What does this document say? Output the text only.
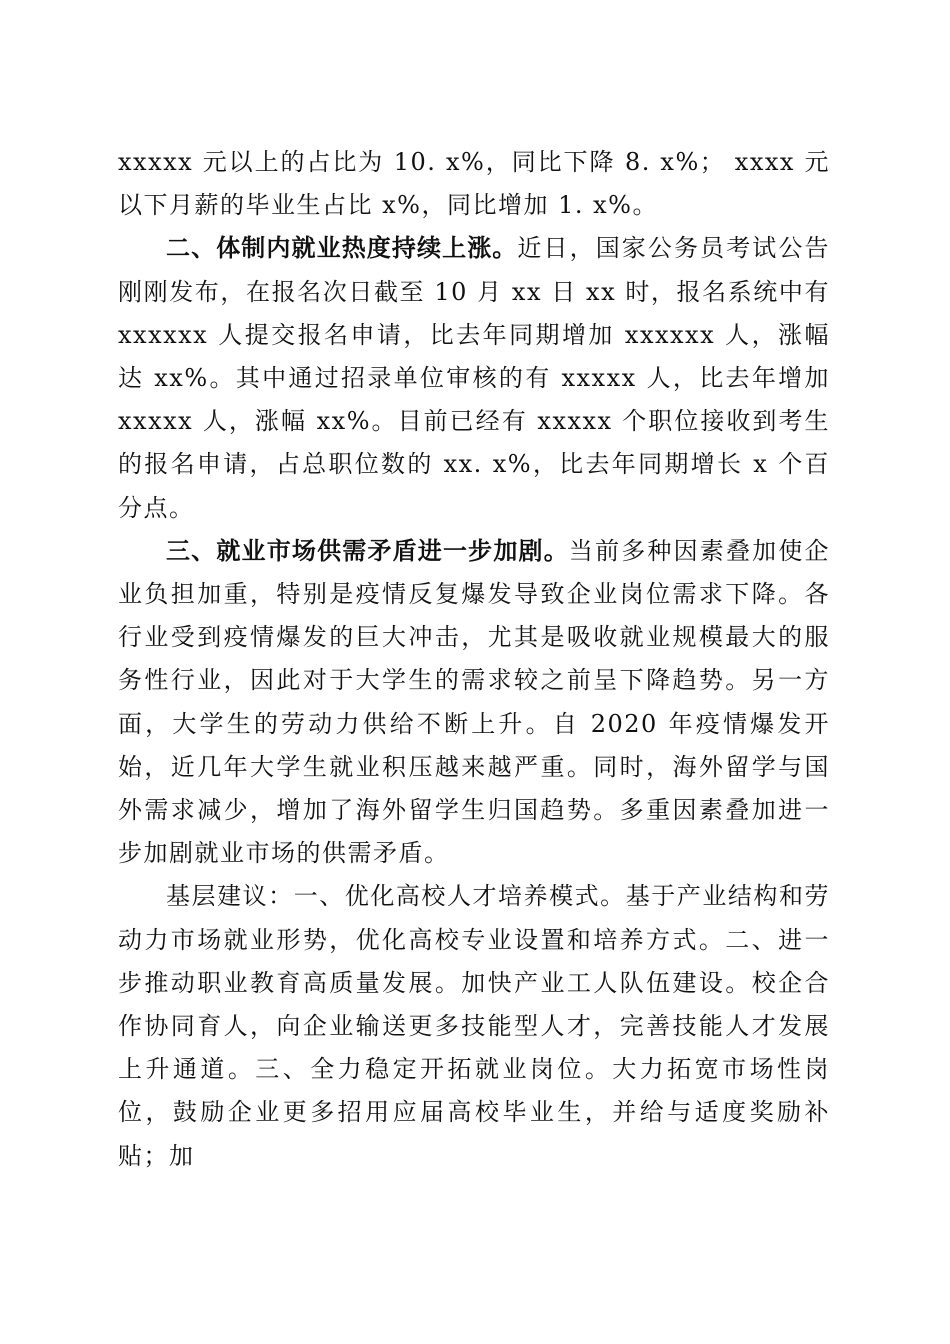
xxxxx 元以上的占比为 10. x%，同比下降 8. x%； xxxx 元以下月薪的毕业生占比 x%，同比增加 1. x%。

二、体制内就业热度持续上涨。近日，国家公务员考试公告刚刚发布，在报名次日截至 10 月 xx 日 xx 时，报名系统中有 xxxxxx 人提交报名申请，比去年同期增加 xxxxxx 人，涨幅达 xx%。其中通过招录单位审核的有 xxxxx 人，比去年增加 xxxxx 人，涨幅 xx%。目前已经有 xxxxx 个职位接收到考生的报名申请，占总职位数的 xx. x%，比去年同期增长 x 个百分点。

三、就业市场供需矛盾进一步加剧。当前多种因素叠加使企业负担加重，特别是疫情反复爆发导致企业岗位需求下降。各行业受到疫情爆发的巨大冲击，尤其是吸收就业规模最大的服务性行业，因此对于大学生的需求较之前呈下降趋势。另一方面，大学生的劳动力供给不断上升。自 2020 年疫情爆发开始，近几年大学生就业积压越来越严重。同时，海外留学与国外需求减少，增加了海外留学生归国趋势。多重因素叠加进一步加剧就业市场的供需矛盾。

基层建议：一、优化高校人才培养模式。基于产业结构和劳动力市场就业形势，优化高校专业设置和培养方式。二、进一步推动职业教育高质量发展。加快产业工人队伍建设。校企合作协同育人，向企业输送更多技能型人才，完善技能人才发展上升通道。三、全力稳定开拓就业岗位。大力拓宽市场性岗位，鼓励企业更多招用应届高校毕业生，并给与适度奖励补贴；加
